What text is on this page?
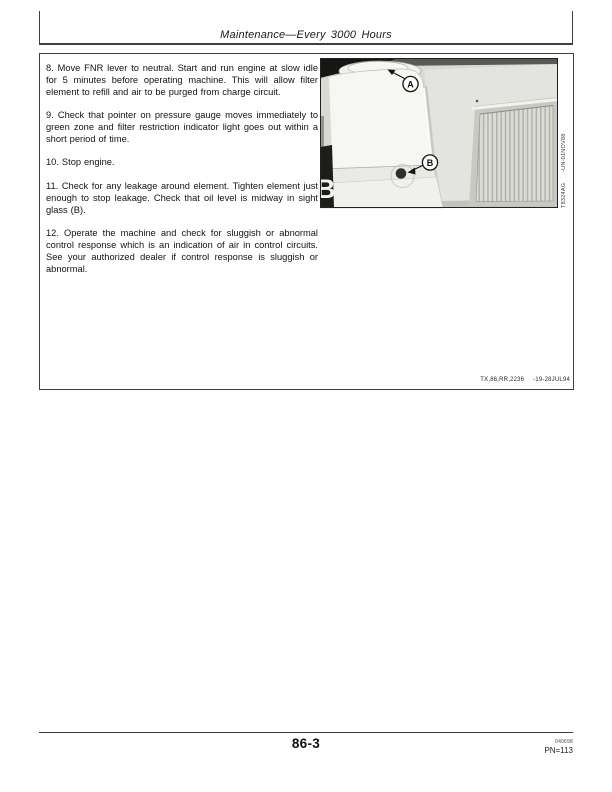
Maintenance—Every 3000 Hours

8. Move FNR lever to neutral. Start and run engine at slow idle for 5 minutes before operating machine. This will allow filter element to refill and air to be purged from charge circuit.

9. Check that pointer on pressure gauge moves immediately to green zone and filter restriction indicator light goes out within a short period of time.

10. Stop engine.

11. Check for any leakage around element. Tighten element just enough to stop leakage. Check that oil level is midway in sight glass (B).

12. Operate the machine and check for sluggish or abnormal control response which is an indication of air in control circuits. See your authorized dealer if control response is sluggish or abnormal.

B
A
B
T8324AG -UN-01NOV88
TX,86,RR,2236 -19-28JUL94
86-3	040698
PN=113
